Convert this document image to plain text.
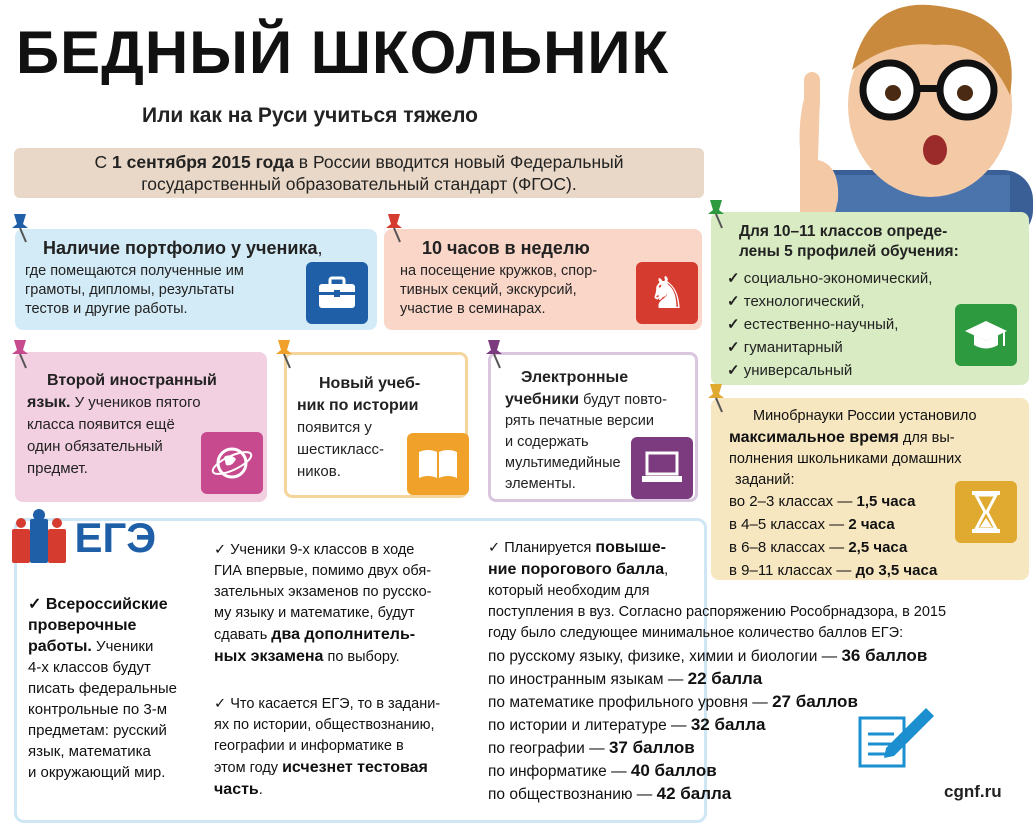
БЕДНЫЙ ШКОЛЬНИК
Или как на Руси учиться тяжело
С 1 сентября 2015 года в России вводится новый Федеральный
государственный образовательный стандарт (ФГОС).
Наличие портфолио у ученика,
где помещаются полученные им
грамоты, дипломы, результаты
тестов и другие работы.
10 часов в неделю
на посещение кружков, спор-
тивных секций, экскурсий,
участие в семинарах.	♞
Для 10–11 классов опреде-
лены 5 профилей обучения:
✓ социально-экономический,
✓ технологический,
✓ естественно-научный,
✓ гуманитарный
✓ универсальный
Второй иностранный
язык. У учеников пятого
класса появится ещё
один обязательный
предмет.
Новый учеб-
ник по истории
появится у
шестикласс-
ников.
Электронные
учебники будут повто-
рять печатные версии
и содержать
мультимедийные
элементы.
Минобрнауки России установило
максимальное время для вы-
полнения школьниками домашних
заданий:
во 2–3 классах — 1,5 часа
в 4–5 классах — 2 часа
в 6–8 классах — 2,5 часа
в 9–11 классах — до 3,5 часа
ЕГЭ
✓ Всероссийские
проверочные
работы. Ученики
4-х классов будут
писать федеральные
контрольные по 3-м
предметам: русский
язык, математика
и окружающий мир.
✓ Ученики 9-х классов в ходе
ГИА впервые, помимо двух обя-
зательных экзаменов по русско-
му языку и математике, будут
сдавать два дополнитель-
ных экзамена по выбору.
✓ Что касается ЕГЭ, то в задани-
ях по истории, обществознанию,
географии и информатике в
этом году исчезнет тестовая
часть.
✓ Планируется повыше-
ние порогового балла,
который необходим для
поступления в вуз. Согласно распоряжению Рособрнадзора, в 2015
году было следующее минимальное количество баллов ЕГЭ:
по русскому языку, физике, химии и биологии — 36 баллов
по иностранным языкам — 22 балла
по математике профильного уровня — 27 баллов
по истории и литературе — 32 балла
по географии — 37 баллов
по информатике — 40 баллов
по обществознанию — 42 балла	cgnf.ru
